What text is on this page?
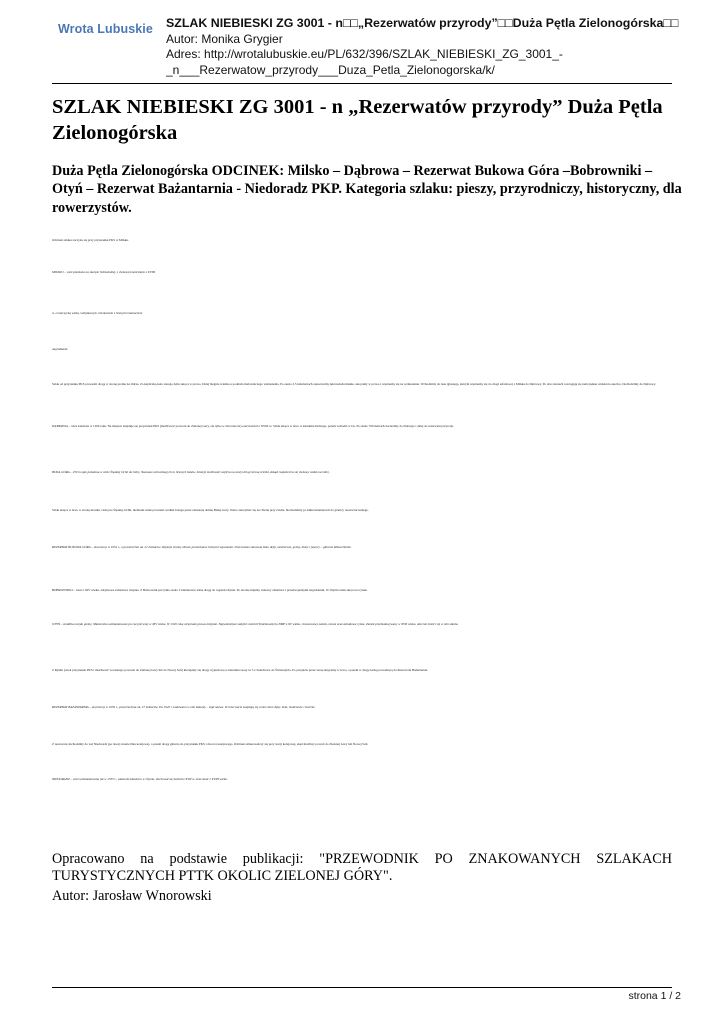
Wrota Lubuskie SZLAK NIEBIESKI ZG 3001 - n□□„Rezerwatów przyrody”□□Duża Pętla Zielonogórska□□
Autor: Monika Grygier
Adres: http://wrotalubuskie.eu/PL/632/396/SZLAK_NIEBIESKI_ZG_3001_-_n___Rezerwatow_przyrody___Duza_Petla_Zielonogorska/k/
SZLAK NIEBIESKI ZG 3001 - n „Rezerwatów przyrody” Duża Pętla Zielonogórska
Duża Pętla Zielonogórska ODCINEK: Milsko – Dąbrowa – Rezerwat Bukowa Góra –Bobrowniki – Otyń – Rezerwat Bażantarnia - Niedoradz PKP. Kategoria szlaku: pieszy, przyrodniczy, historyczny, dla rowerzystów.

Odcinek szlaku zaczyna się przy przystanku PKS w Milsku.

MILSKO – wieś położona na skarpie Odrzańskiej, z ciekawym kościołem z XVIII

w. z mszczycką wieżą i zabytkowym cmentarzem z licznymi nieznacznie

nagrobkami.

Szlak od przystanku PKS prowadzi drogą w stronę promu na Odrze. Za kapliczką koło starego dębu skręca w prawo. Dalej biegnie ścieżką u podnóża malowniczego wzniesienia. Po około 2,5 kilometrach opuszczamy łąki nadodrzańskie, skręcamy w prawo i wspinamy się na wzniesienie. Wchodzimy do lasu iglastego, którym wspinamy się do drogi asfaltowej z Milska do Dąbrowy. Po obu stronach rozciągają się nam piękne widoki na okolicę. Dochodzimy do Dąbrowy.

DĄBROWA – wieś założona w 1300 roku. Na miejscu znajduje się przystanek PKS (możliwość powrotu do Zielonej Góry, ale tylko w dni robocze) oraz kościół z XVIII w. Szlak skręca w lewo w kierunku Dobrego, potem wchodzi w las. Po około 700 metrach docieramy do Dobrego i dalej do rezerwatu przyrody.

BUKA GÓRA – 250 m npm położona w oście Śląskiej Ochli do Odry. Nazwane od kwitnących tu licznych buków. Istnieje możliwość wejścia na szczyt drugi stroną ścieżki, dokąd rozpościera się ciekawy widok na Odrę.

Szlak skręca w lewo w stronę mostku i dalej na Śląskiej Ochli, niebieski szlak prowadzi wzdłuż brzegu przez zalesioną dolinę Białej Góry. Warto zatrzymać się na chwilę przy źródle. Dochodzimy po kilku kilometrach do granicy rezerwatu leśnego.

REZERWAT BUKOWA GÓRA – utworzony w 1954 r., o powierzchni ok. 21 hektarów. Zajmuje stromy zbocze porozcinane licznymi wąwozami. Drzewostan stanowią buki, dęby, modrzewie, graby, klony i jawory – głównie kilkusetletnie.

BOBROWNIKI – wieś z XIV wieku, zabytkowa zabudowa wiejska. Z Bobrownik jest tylko około 2 kilometrów leśną drogą do rogatek Otynia. Po drodze mijamy ciekawy cmentarz z przedwojennymi nagrobkami. W Otyniu szlak skręca na rynek.

OTYŃ – siedziba urzędu gminy. Miasteczko wzmiankowane po raz pierwszy w XIV wieku. W 1329 roku otrzymało prawa miejskie. Najważniejsze zabytki: kościół Wniebowzięcia NMP z XV wieku, renesansowy zamek, ratusz oraz zabudowa rynku. Zamek przebudowywany w XVII wieku, obecnie mieści się w nim szkoła.

Z Rynku (obok przystanek PKS i możliwość wczesnego powrotu do Zielonej Góry lub do Nowej Soli) kierujemy się drogą wyjazdową w kierunku szosy nr 3 z Sulechowa do Świnoujścia. Po przejściu przez szosę skręcamy w lewo, a potem w drogę leśną prowadzącą do Rezerwatu Bażantarnia.

REZERWAT BAŻANTARNIA – utworzony w 1959 r., powierzchnia ok. 27 hektarów. Do 1945 r. hodowano w nim bażanty – stąd nazwa. W rezerwacie znajdują się cenne stare dęby, buki, modrzewie i świerki.

Z rezerwatu dochodzimy do wsi Niedoradz (po lewej stronie linia kolejowa), a potem drogą główną do przystanku PKS i dworca kolejowego. Odcinek szlaku kończy się przy stacji kolejowej, skąd możliwy powrót do Zielonej Góry lub Nowej Soli.

NIEDORADZ – wieś wzmiankowana już w 1335 r., własność klasztoru w Otyniu. Zachował się kościół z XVII w. oraz dwór z XVIII wieku.

Opracowano na podstawie publikacji: "PRZEWODNIK PO ZNAKOWANYCH SZLAKACH TURYSTYCZNYCH PTTK OKOLIC ZIELONEJ GÓRY".

Autor: Jarosław Wnorowski

strona 1 / 2
